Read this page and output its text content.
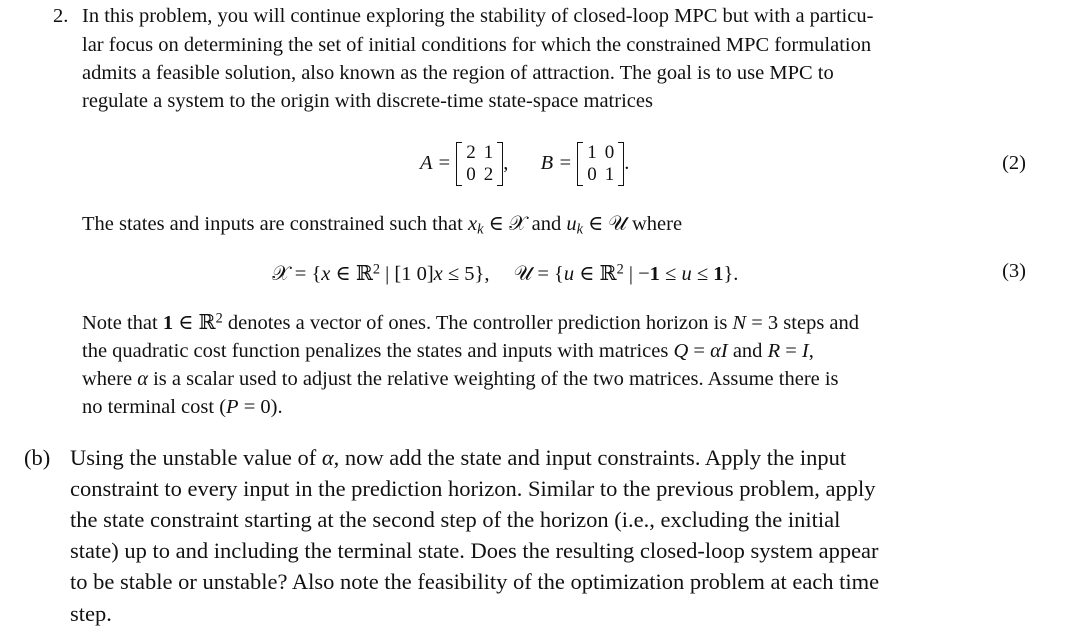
2. In this problem, you will continue exploring the stability of closed-loop MPC but with a particu-
lar focus on determining the set of initial conditions for which the constrained MPC formulation
admits a feasible solution, also known as the region of attraction. The goal is to use MPC to
regulate a system to the origin with discrete-time state-space matrices
A = 2	1
0	2
, B = 1	0
0	1
.	(2)
The states and inputs are constrained such that $x_k$ ∈ 𝒳 and $u_k$ ∈ 𝒰 where
𝒳 = {x ∈ ℝ$^2$ | [1 0]x ≤ 5}, 𝒰 = {u ∈ ℝ$^2$ | −1 ≤ u ≤ 1}.	(3)
Note that 1 ∈ ℝ$^2$ denotes a vector of ones. The controller prediction horizon is N = 3 steps and
the quadratic cost function penalizes the states and inputs with matrices Q = αI and R = I,
where α is a scalar used to adjust the relative weighting of the two matrices. Assume there is
no terminal cost (P = 0).
(b) Using the unstable value of α, now add the state and input constraints. Apply the input
constraint to every input in the prediction horizon. Similar to the previous problem, apply
the state constraint starting at the second step of the horizon (i.e., excluding the initial
state) up to and including the terminal state. Does the resulting closed-loop system appear
to be stable or unstable? Also note the feasibility of the optimization problem at each time
step.
